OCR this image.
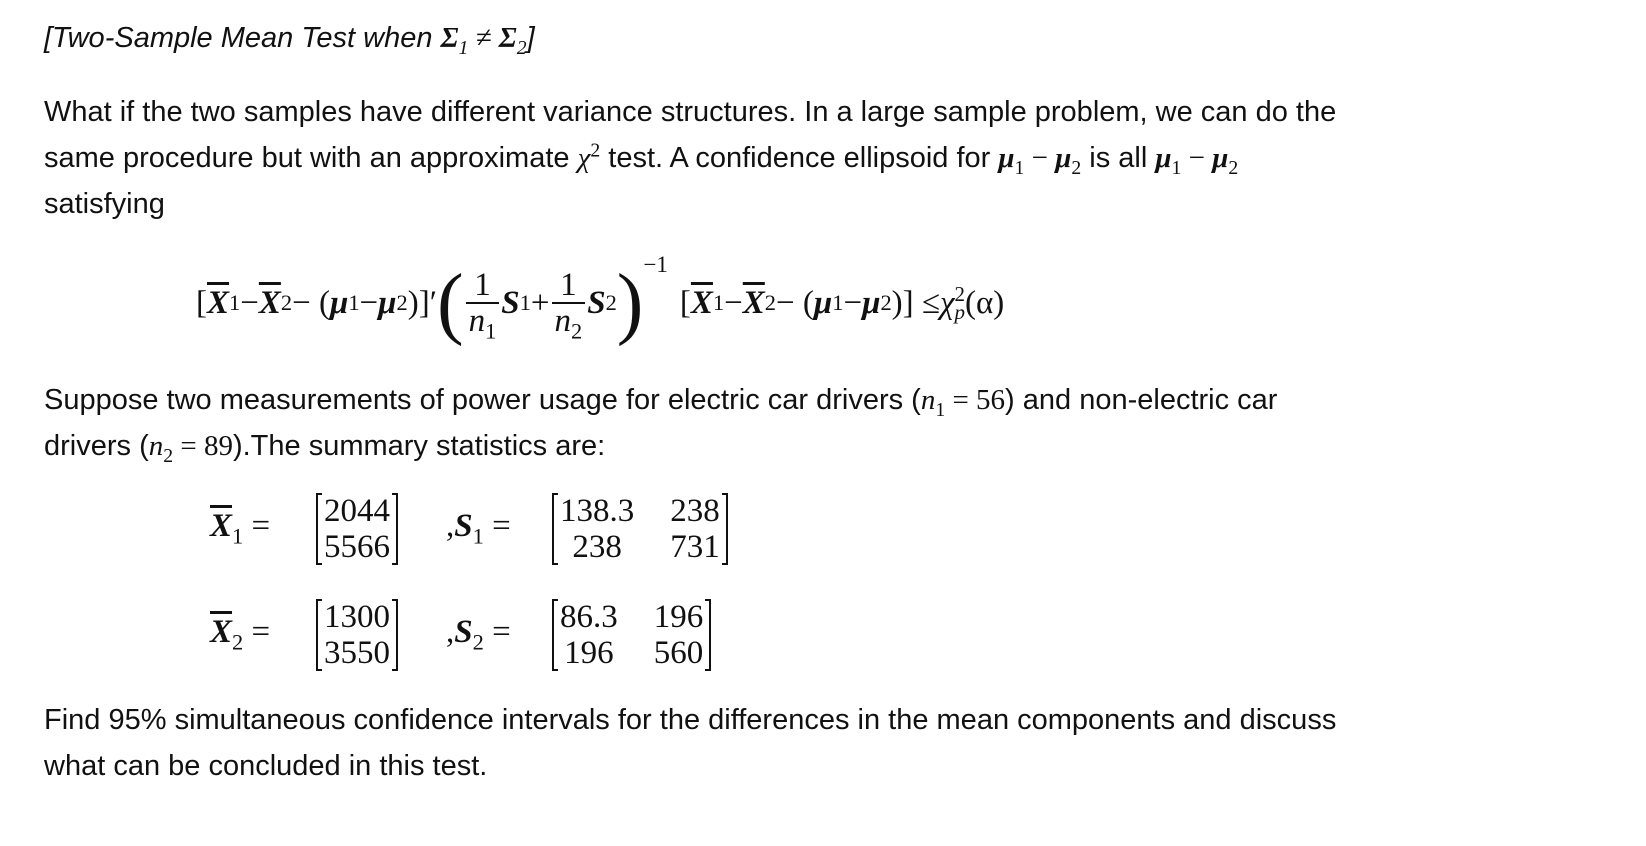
[Two-Sample Mean Test when $\Sigma_1 \ne \Sigma_2$]
What if the two samples have different variance structures. In a large sample problem, we can do the
same procedure but with an approximate $\chi^2$ test. A confidence ellipsoid for $\mu_1 - \mu_2$ is all $\mu_1 - \mu_2$
satisfying
[ $\overline{X}$ $1 - \overline{X}$ 2 − ( μ 1 − μ 2 )]′ ( $\frac{1}{n_1}$ S $1 + \frac{1}{n_2}$ S 2 ) −1
[ $\overline{X}$ $1 - \overline{X}$ 2 − ( μ 1 − μ 2 )] ≤ χ 2
p (α)
Suppose two measurements of power usage for electric car drivers $(n_1 = 56)$ and non-electric car
drivers $(n_2 = 89).The$ summary statistics are:
$\overline{X}_1 = 2044$
5566
$,S_1 = 138.3$ 238
238	731
$\overline{X}_2 = 1300$
3550
$,S_2 = 86.3$ 196
196 560
Find 95% simultaneous confidence intervals for the differences in the mean components and discuss
what can be concluded in this test.
